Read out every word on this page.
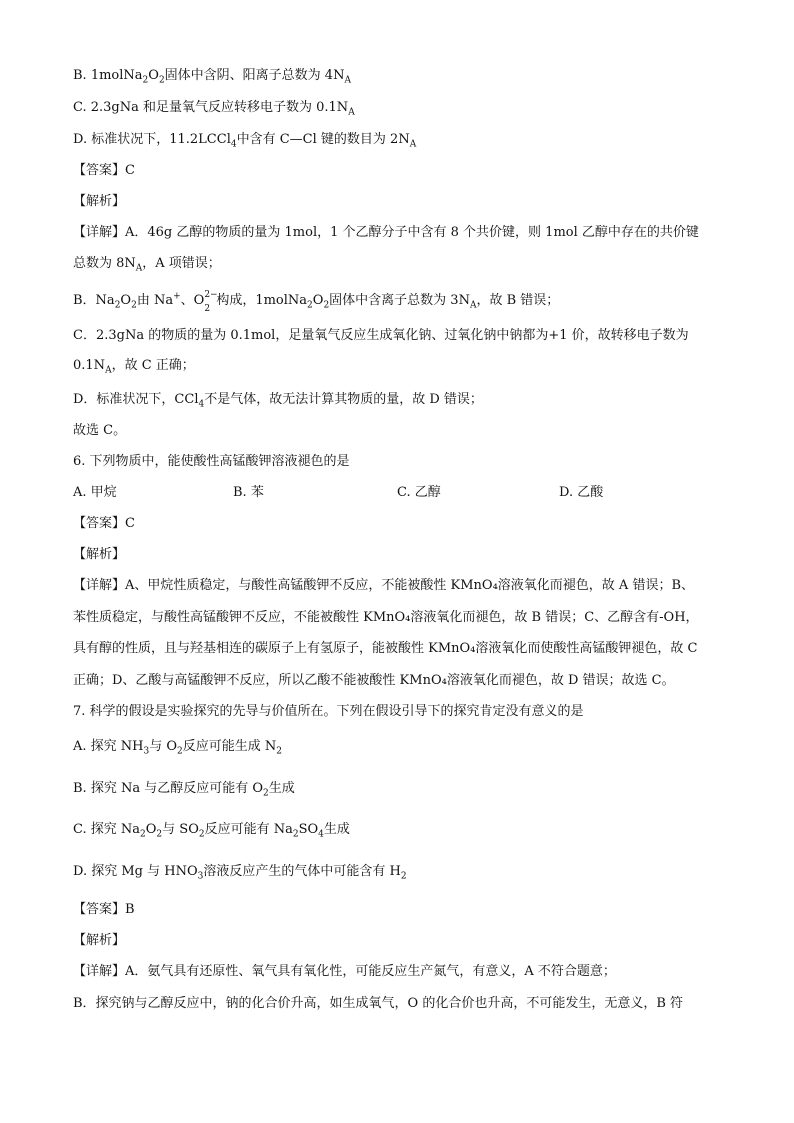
B. $1molNa_2O_2$固体中含阴、阳离子总数为 $4N_A$
C. 2.3gNa 和足量氧气反应转移电子数为 $0.1N_A$
D. 标准状况下，11.2LCCl$_4$中含有 C—Cl 键的数目为 $2N_A$
【答案】C
【解析】
【详解】A．46g 乙醇的物质的量为 1mol，1 个乙醇分子中含有 8 个共价键，则 1mol 乙醇中存在的共价键
总数为 $8N_A$，A 项错误；
B．$Na_2O_2$由 Na+、O 2−
2
构成，$1molNa_2O_2$固体中含离子总数为 $3N_A$，故 B 错误；
C．2.3gNa 的物质的量为 0.1mol，足量氧气反应生成氧化钠、过氧化钠中钠都为+1 价，故转移电子数为
$0.1N_A$，故 C 正确；
D．标准状况下，CCl$_4$不是气体，故无法计算其物质的量，故 D 错误；
故选 C。
6. 下列物质中，能使酸性高锰酸钾溶液褪色的是
A. 甲烷	B. 苯	C. 乙醇	D. 乙酸
【答案】C
【解析】
【详解】A、甲烷性质稳定，与酸性高锰酸钾不反应，不能被酸性 KMnO₄溶液氧化而褪色，故 A 错误；B、
苯性质稳定，与酸性高锰酸钾不反应，不能被酸性 KMnO₄溶液氧化而褪色，故 B 错误；C、乙醇含有-OH，
具有醇的性质，且与羟基相连的碳原子上有氢原子，能被酸性 KMnO₄溶液氧化而使酸性高锰酸钾褪色，故 C
正确；D、乙酸与高锰酸钾不反应，所以乙酸不能被酸性 KMnO₄溶液氧化而褪色，故 D 错误；故选 C。
7. 科学的假设是实验探究的先导与价值所在。下列在假设引导下的探究肯定没有意义的是
A. 探究 $NH_3$与 $O_2$反应可能生成 $N_2$
B. 探究 Na 与乙醇反应可能有 $O_2$生成
C. 探究 $Na_2O_2$与 $SO_2$反应可能有 $Na_2SO_4$生成
D. 探究 Mg 与 $HNO_3$溶液反应产生的气体中可能含有 $H_2$
【答案】B
【解析】
【详解】A．氨气具有还原性、氧气具有氧化性，可能反应生产氮气，有意义，A 不符合题意；
B．探究钠与乙醇反应中，钠的化合价升高，如生成氧气，O 的化合价也升高，不可能发生，无意义，B 符
